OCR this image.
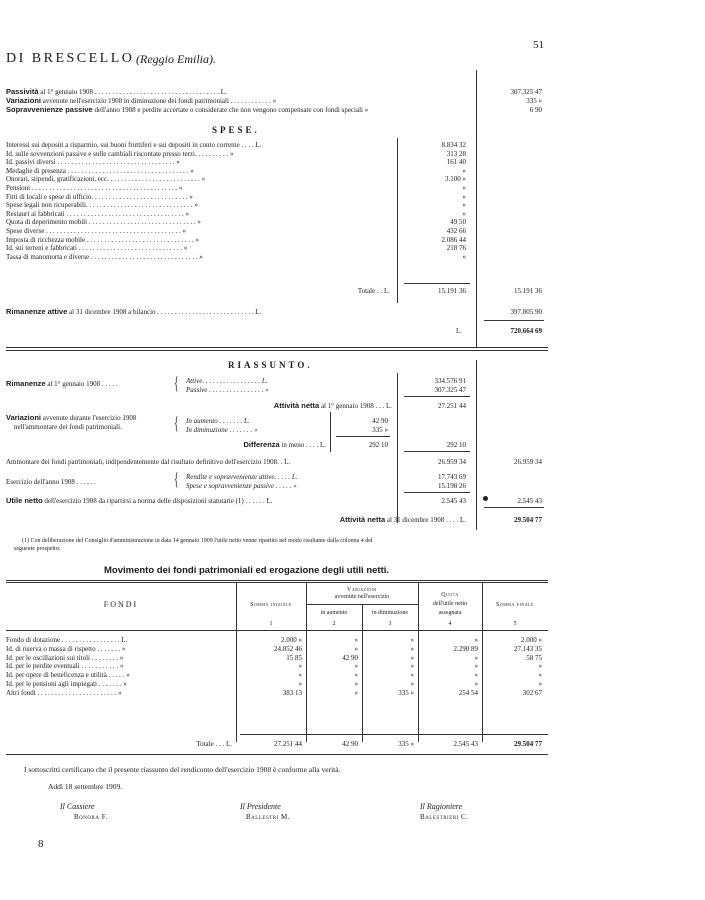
DI BRESCELLO (Reggio Emilia).
51
Passività al 1° gennaio 1908 . . . . . . . . . . . . . . . . . . . . . . . . . . . . . . . . . . . . L.	307.325 47
Variazioni avvenute nell'esercizio 1908 in diminuzione dei fondi patrimoniali . . . . . . . . . . . . »	335 »
Sopravvenienze passive dell'anno 1908 e perdite accertate o considerate che non vengono compensate con fondi speciali »	6 90
SPESE.
Interessi sui depositi a risparmio, sui buoni fruttiferi e sui depositi in conto corrente . . . . L.	8.834 32
Id. sulle sovvenzioni passive e sulle cambiali riscontate presso terzi. . . . . . . . . . »	313 28
Id. passivi diversi . . . . . . . . . . . . . . . . . . . . . . . . . . . . . . . . . . »	161 40
Medaglie di presenza . . . . . . . . . . . . . . . . . . . . . . . . . . . . . . . . . . . »	»
Onorari, stipendi, gratificazioni, ecc. . . . . . . . . . . . . . . . . . . . . . . . . . . »	3.100 »
Pensioni . . . . . . . . . . . . . . . . . . . . . . . . . . . . . . . . . . . . . . . . . . »	»
Fitti di locali e spese di ufficio. . . . . . . . . . . . . . . . . . . . . . . . . . . . »	»
Spese legali non ricuperabili. . . . . . . . . . . . . . . . . . . . . . . . . . . . . . . »	»
Restauri ai fabbricati . . . . . . . . . . . . . . . . . . . . . . . . . . . . . . . . . . »	»
Quota di deperimento mobili . . . . . . . . . . . . . . . . . . . . . . . . . . . . . . . »	49 50
Spese diverse . . . . . . . . . . . . . . . . . . . . . . . . . . . . . . . . . . . . . . . »	432 66
Imposta di ricchezza mobile . . . . . . . . . . . . . . . . . . . . . . . . . . . . . . . »	2.086 44
Id. sui terreni e fabbricati . . . . . . . . . . . . . . . . . . . . . . . . . . . . . . »	218 76
Tassa di manomorta e diverse . . . . . . . . . . . . . . . . . . . . . . . . . . . . . . . »	»
Totale . . L.	15.191 36	15.191 36
Rimanenze attive al 31 dicembre 1908 a bilancio . . . . . . . . . . . . . . . . . . . . . . . . . . . . L.	397.805 90
L.	720.664 69
RIASSUNTO.
Rimanenze al 1° gennaio 1908 . . . . .	{ Attive. . . . . . . . . . . . . . . . . L.	334.576 91
Passive . . . . . . . . . . . . . . . . »	307.325 47
Attività netta al 1° gennaio 1908 . . . L.	27.251 44
Variazioni avvenute durante l'esercizio 1908
nell'ammontare dei fondi patrimoniali.	{ In aumento . . . . . . . L.	42 90
In diminuzione . . . . . . . »	335 »
Differenza in meno . . . . L.	292 10	292 10
Ammontare dei fondi patrimoniali, indipendentemente dal risultato definitivo dell'esercizio 1908. . L.	26.959 34	26.959 34
Esercizio dell'anno 1908 . . . . . .	{ Rendite e sopravvenienze attive. . . . . L.	17.743 69
Spese e sopravvenienze passive . . . . . »	15.198 26
Utile netto dell'esercizio 1908 da ripartirsi a norma delle disposizioni statutarie (1) . . . . . . L.	2.545 43	2.545 43
Attività netta al 31 dicembre 1908 . . . . L.	29.504 77
(1) Con deliberazione del Consiglio d'amministrazione in data 14 gennaio 1909 l'utile netto venne ripartito nel modo risultante dalla colonna 4 del
seguente prospetto:
Movimento dei fondi patrimoniali ed erogazione degli utili netti.
FONDI	Somma iniziale
Variazioni
avvenute nell'esercizio
in aumento	in diminuzione
Quota
dell'utile netto
assegnata
Somma finale
1	2	3	4	5
Fondo di dotazione . . . . . . . . . . . . . . . . . L.	2.000 »	»	»	»	2.000 »
Id. di riserva o massa di rispetto . . . . . . . »	24.852 46	»	»	2.290 89	27.143 35
Id. per le oscillazioni sui titoli . . . . . . . . »	15 85	42 90	»	»	58 75
Id. per le perdite eventuali . . . . . . . . . . . »	»	»	»	»	»
Id. per opere di beneficenza e utilità . . . . . »	»	»	»	»	»
Id. per le pensioni agli impiegati . . . . . . . »	»	»	»	»	»
Altri fondi . . . . . . . . . . . . . . . . . . . . . . . »	383 13	»	335 »	254 54	302 67
Totale . . . L.	27.251 44	42 90	335 »	2.545 43	29.504 77
I sottoscritti certificano che il presente riassunto del rendiconto dell'esercizio 1908 è conforme alla verità.
Addì 18 settembre 1909.
Il Cassiere
Bonora F.
Il Presidente
Ballestri M.
Il Ragioniere
Balestrieri C.
8
